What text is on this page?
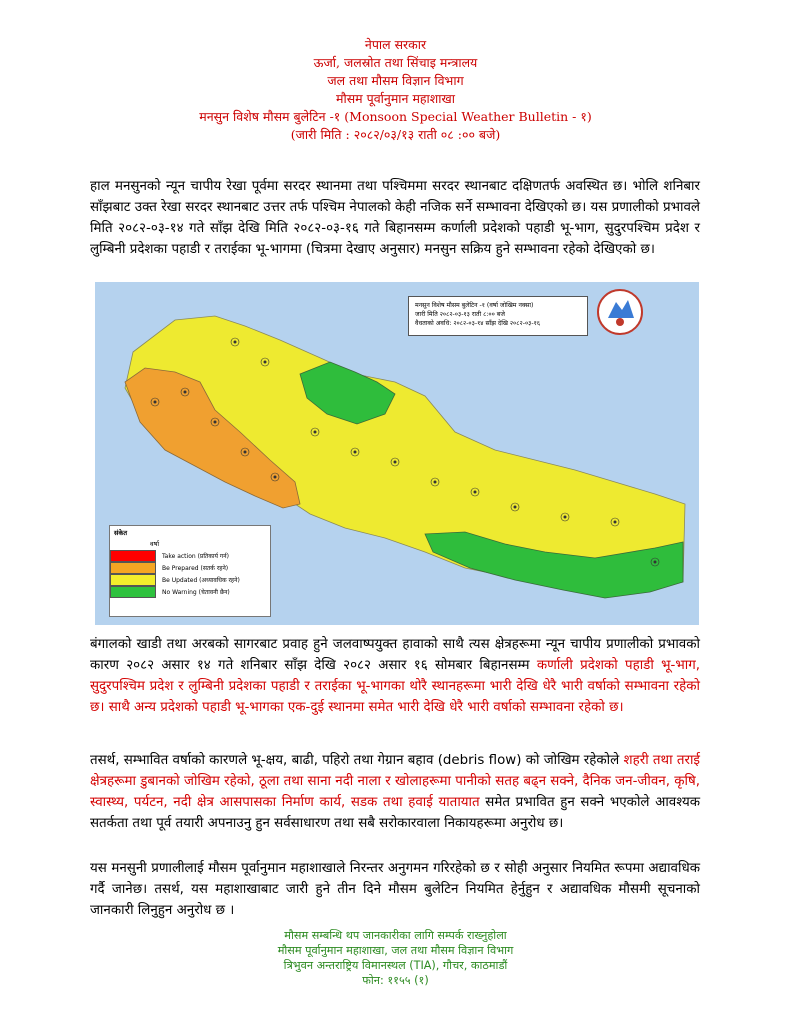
नेपाल सरकार
ऊर्जा, जलस्रोत तथा सिंचाइ मन्त्रालय
जल तथा मौसम विज्ञान विभाग
मौसम पूर्वानुमान महाशाखा
मनसुन विशेष मौसम बुलेटिन -१ (Monsoon Special Weather Bulletin - १)
(जारी मिति : २०८२/०३/१३ राती ०८ :०० बजे)
हाल मनसुनको न्यून चापीय रेखा पूर्वमा सरदर स्थानमा तथा पश्चिममा सरदर स्थानबाट दक्षिणतर्फ अवस्थित छ। भोलि शनिबार साँझबाट उक्त रेखा सरदर स्थानबाट उत्तर तर्फ पश्चिम नेपालको केही नजिक सर्ने सम्भावना देखिएको छ। यस प्रणालीको प्रभावले मिति २०८२-०३-१४ गते साँझ देखि मिति २०८२-०३-१६ गते बिहानसम्म कर्णाली प्रदेशको पहाडी भू-भाग, सुदुरपश्चिम प्रदेश र लुम्बिनी प्रदेशका पहाडी र तराईका भू-भागमा (चित्रमा देखाए अनुसार) मनसुन सक्रिय हुने सम्भावना रहेको देखिएको छ।
मनसुन विशेष मौसम बुलेटिन -१ (वर्षा जोखिम नक्सा)
जारी मिति २०८२-०३-१३ राती ८:०० बजे
वैधताको अवधि: २०८२-०३-१४ साँझ देखि २०८२-०३-१६
संकेत
वर्षा
Take action (प्रतिकार्य गर्न)
Be Prepared (सतर्क रहने)
Be Updated (अध्यावधिक रहने)
No Warning (चेतावनी छैन)
बंगालको खाडी तथा अरबको सागरबाट प्रवाह हुने जलवाष्पयुक्त हावाको साथै त्यस क्षेत्रहरूमा न्यून चापीय प्रणालीको प्रभावको कारण २०८२ असार १४ गते शनिबार साँझ देखि २०८२ असार १६ सोमबार बिहानसम्म कर्णाली प्रदेशको पहाडी भू-भाग, सुदुरपश्चिम प्रदेश र लुम्बिनी प्रदेशका पहाडी र तराईका भू-भागका थोरै स्थानहरूमा भारी देखि धेरै भारी वर्षाको सम्भावना रहेको छ। साथै अन्य प्रदेशको पहाडी भू-भागका एक-दुई स्थानमा समेत भारी देखि धेरै भारी वर्षाको सम्भावना रहेको छ।
तसर्थ, सम्भावित वर्षाको कारणले भू-क्षय, बाढी, पहिरो तथा गेग्रान बहाव (debris flow) को जोखिम रहेकोले शहरी तथा तराई क्षेत्रहरूमा डुबानको जोखिम रहेको, ठूला तथा साना नदी नाला र खोलाहरूमा पानीको सतह बढ्न सक्ने, दैनिक जन-जीवन, कृषि, स्वास्थ्य, पर्यटन, नदी क्षेत्र आसपासका निर्माण कार्य, सडक तथा हवाई यातायात समेत प्रभावित हुन सक्ने भएकोले आवश्यक सतर्कता तथा पूर्व तयारी अपनाउनु हुन सर्वसाधारण तथा सबै सरोकारवाला निकायहरूमा अनुरोध छ।
यस मनसुनी प्रणालीलाई मौसम पूर्वानुमान महाशाखाले निरन्तर अनुगमन गरिरहेको छ र सोही अनुसार नियमित रूपमा अद्यावधिक गर्दै जानेछ। तसर्थ, यस महाशाखाबाट जारी हुने तीन दिने मौसम बुलेटिन नियमित हेर्नुहुन र अद्यावधिक मौसमी सूचनाको जानकारी लिनुहुन अनुरोध छ ।
मौसम सम्बन्धि थप जानकारीका लागि सम्पर्क राख्नुहोला
मौसम पूर्वानुमान महाशाखा, जल तथा मौसम विज्ञान विभाग
त्रिभुवन अन्तराष्ट्रिय विमानस्थल (TIA), गौचर, काठमाडौं
फोन: ११५५ (१)
